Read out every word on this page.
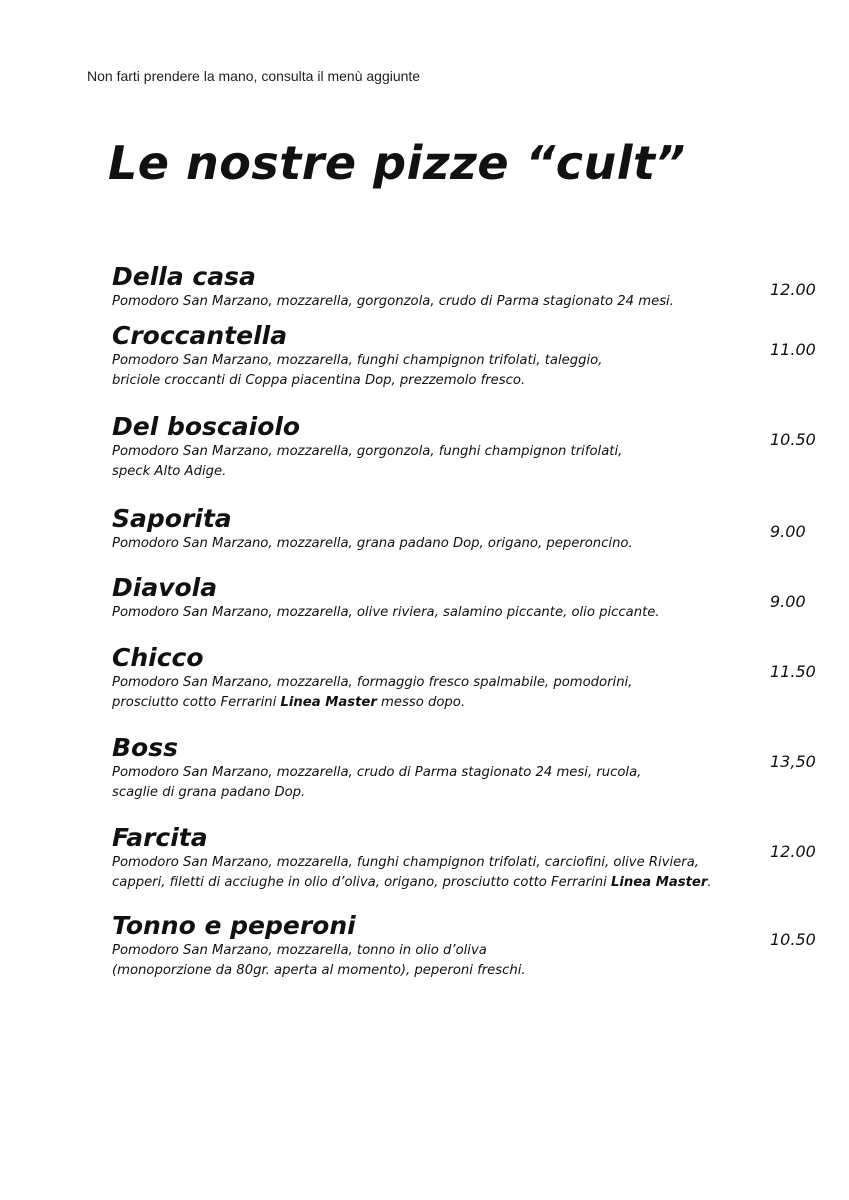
Non farti prendere la mano, consulta il menù aggiunte
Le nostre pizze “cult”
Della casa
Pomodoro San Marzano, mozzarella, gorgonzola, crudo di Parma stagionato 24 mesi.
12.00
Croccantella
Pomodoro San Marzano, mozzarella, funghi champignon trifolati, taleggio,
briciole croccanti di Coppa piacentina Dop, prezzemolo fresco.
11.00
Del boscaiolo
Pomodoro San Marzano, mozzarella, gorgonzola, funghi champignon trifolati,
speck Alto Adige.
10.50
Saporita
Pomodoro San Marzano, mozzarella, grana padano Dop, origano, peperoncino.
9.00
Diavola
Pomodoro San Marzano, mozzarella, olive riviera, salamino piccante, olio piccante.
9.00
Chicco
Pomodoro San Marzano, mozzarella, formaggio fresco spalmabile, pomodorini,
prosciutto cotto Ferrarini Linea Master messo dopo.
11.50
Boss
Pomodoro San Marzano, mozzarella, crudo di Parma stagionato 24 mesi, rucola,
scaglie di grana padano Dop.
13,50
Farcita
Pomodoro San Marzano, mozzarella, funghi champignon trifolati, carciofini, olive Riviera,
capperi, filetti di acciughe in olio d’oliva, origano, prosciutto cotto Ferrarini Linea Master.
12.00
Tonno e peperoni
Pomodoro San Marzano, mozzarella, tonno in olio d’oliva
(monoporzione da 80gr. aperta al momento), peperoni freschi.
10.50
